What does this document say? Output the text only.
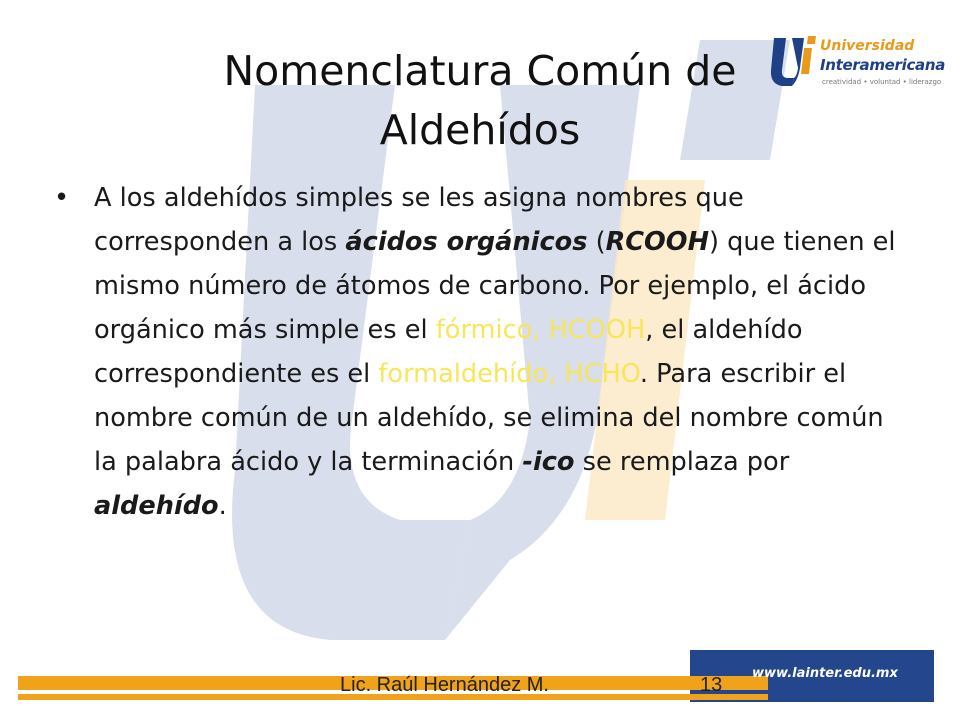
Nomenclatura Común de
Aldehídos
Universidad
Interamericana
creatividad • voluntad • liderazgo

• A los aldehídos simples se les asigna nombres que corresponden a los ácidos orgánicos (RCOOH) que tienen el mismo número de átomos de carbono. Por ejemplo, el ácido orgánico más simple es el fórmico, HCOOH, el aldehído correspondiente es el formaldehído, HCHO. Para escribir el nombre común de un aldehído, se elimina del nombre común la palabra ácido y la terminación -ico se remplaza por aldehído.

www.lainter.edu.mx
Lic. Raúl Hernández M.	13
